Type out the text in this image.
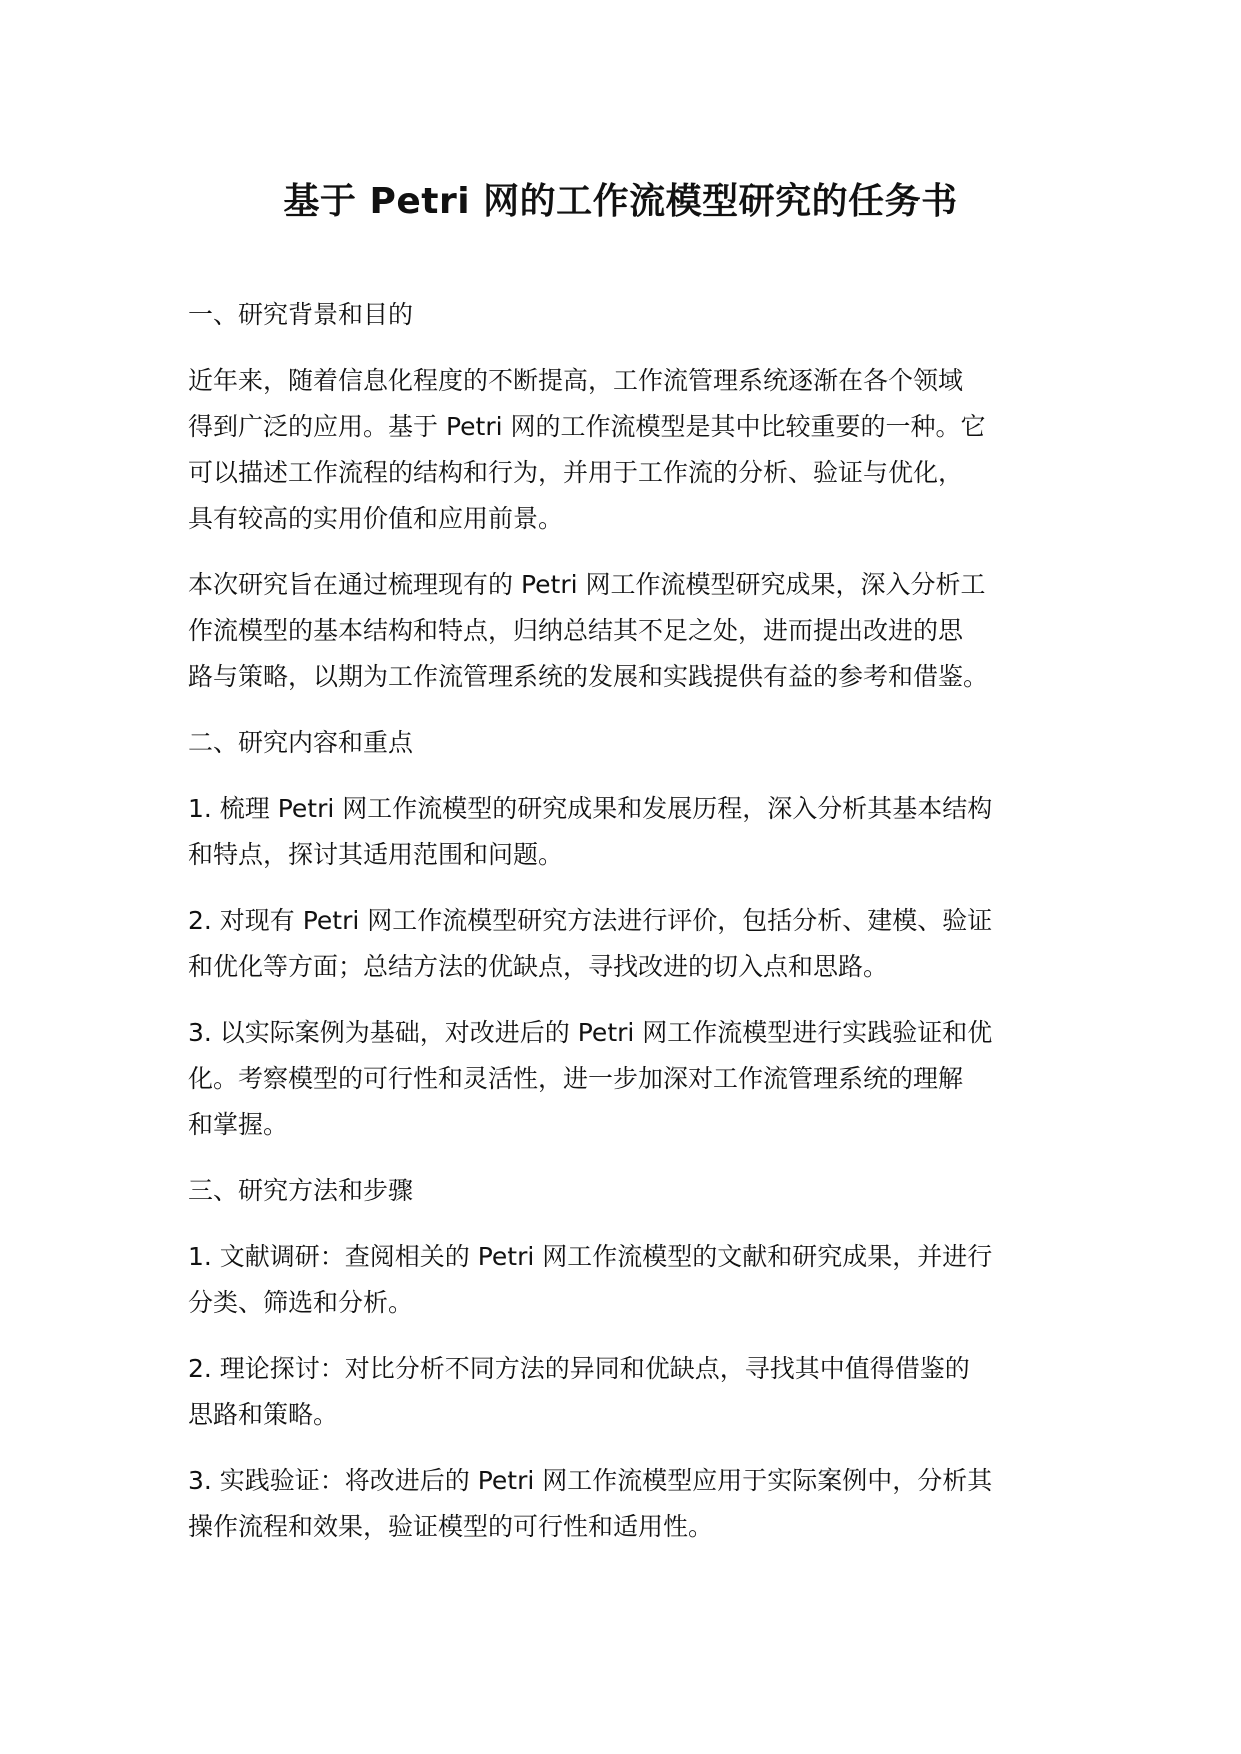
基于 Petri 网的工作流模型研究的任务书

一、研究背景和目的

近年来，随着信息化程度的不断提高，工作流管理系统逐渐在各个领域
得到广泛的应用。基于 Petri 网的工作流模型是其中比较重要的一种。它
可以描述工作流程的结构和行为，并用于工作流的分析、验证与优化，
具有较高的实用价值和应用前景。

本次研究旨在通过梳理现有的 Petri 网工作流模型研究成果，深入分析工
作流模型的基本结构和特点，归纳总结其不足之处，进而提出改进的思
路与策略，以期为工作流管理系统的发展和实践提供有益的参考和借鉴。

二、研究内容和重点

1. 梳理 Petri 网工作流模型的研究成果和发展历程，深入分析其基本结构
和特点，探讨其适用范围和问题。

2. 对现有 Petri 网工作流模型研究方法进行评价，包括分析、建模、验证
和优化等方面；总结方法的优缺点，寻找改进的切入点和思路。

3. 以实际案例为基础，对改进后的 Petri 网工作流模型进行实践验证和优
化。考察模型的可行性和灵活性，进一步加深对工作流管理系统的理解
和掌握。

三、研究方法和步骤

1. 文献调研：查阅相关的 Petri 网工作流模型的文献和研究成果，并进行
分类、筛选和分析。

2. 理论探讨：对比分析不同方法的异同和优缺点，寻找其中值得借鉴的
思路和策略。

3. 实践验证：将改进后的 Petri 网工作流模型应用于实际案例中，分析其
操作流程和效果，验证模型的可行性和适用性。
